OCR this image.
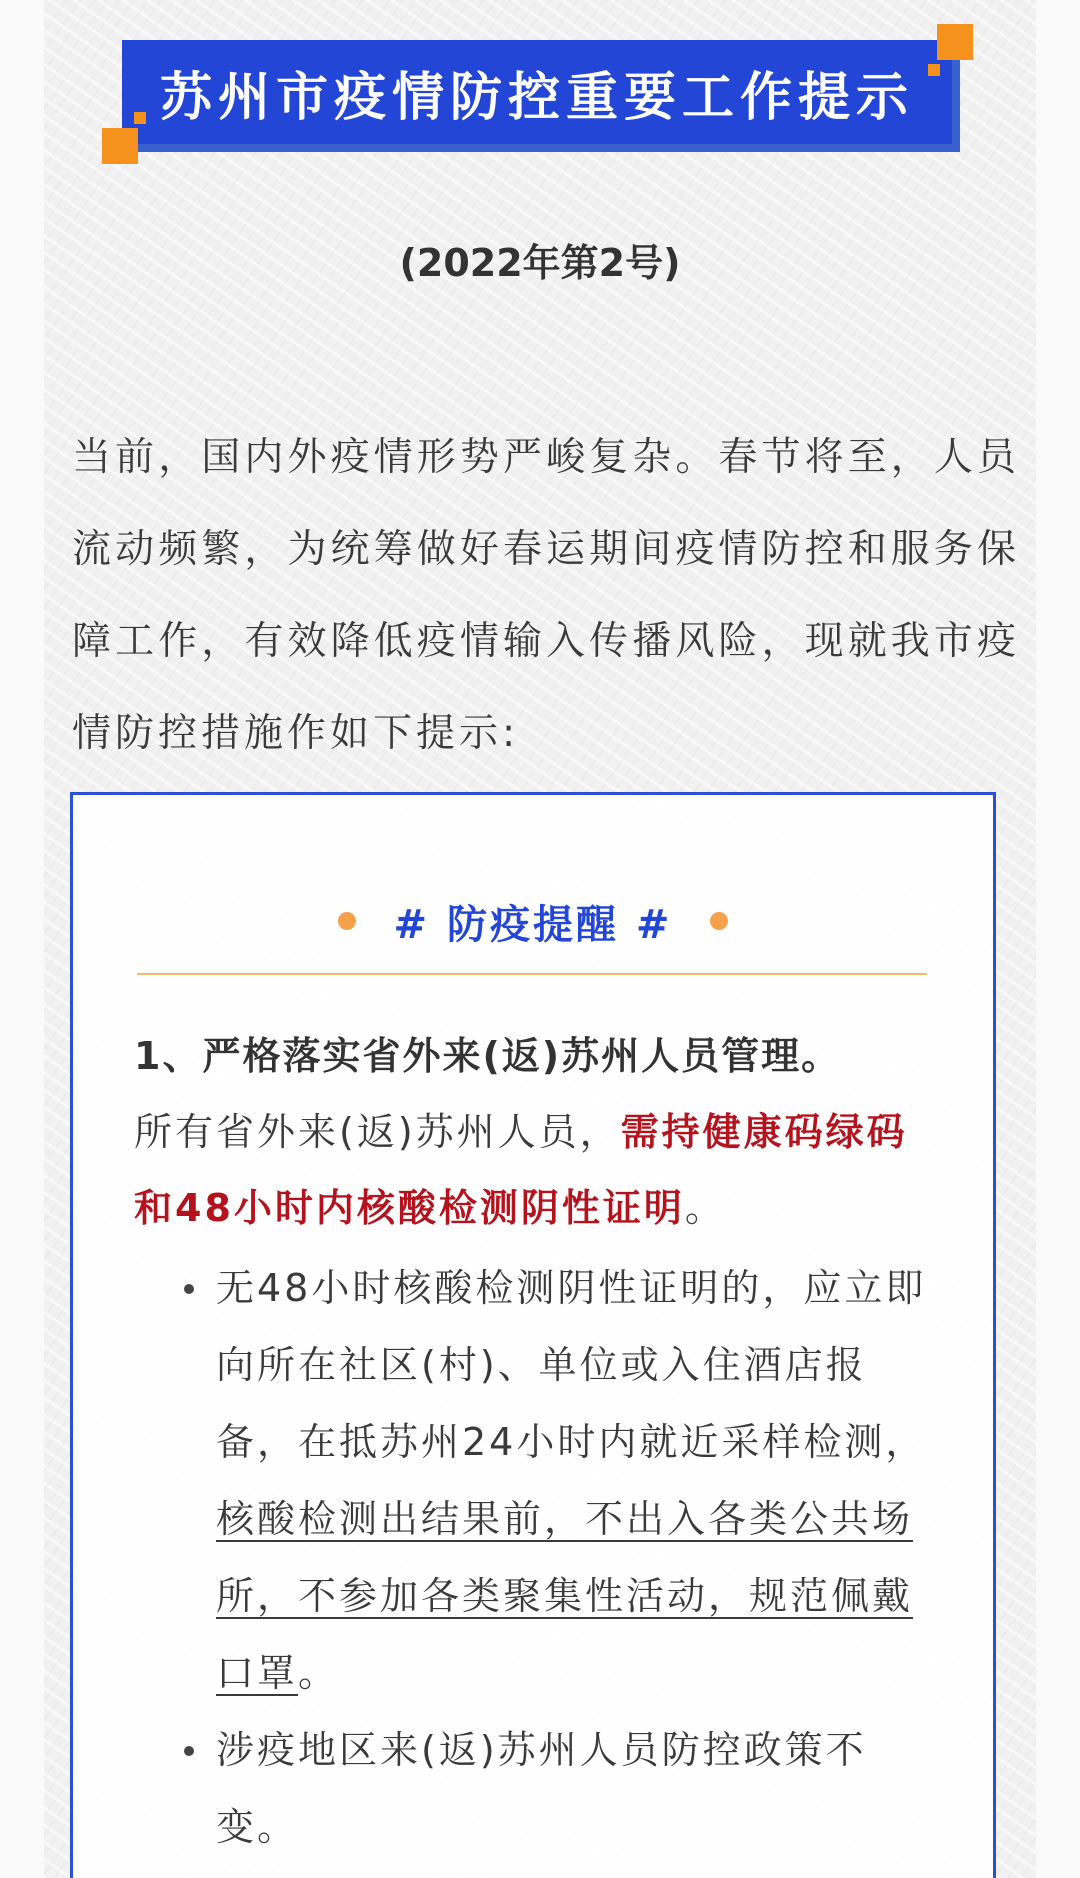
苏州市疫情防控重要工作提示
(2022年第2号)
当前，国内外疫情形势严峻复杂。春节将至，人员流动频繁，为统筹做好春运期间疫情防控和服务保障工作，有效降低疫情输入传播风险，现就我市疫情防控措施作如下提示:
# 防疫提醒 #
1、严格落实省外来(返)苏州人员管理。
所有省外来(返)苏州人员，需持健康码绿码和48小时内核酸检测阴性证明。
无48小时核酸检测阴性证明的，应立即向所在社区(村)、单位或入住酒店报备，在抵苏州24小时内就近采样检测，核酸检测出结果前，不出入各类公共场所，不参加各类聚集性活动，规范佩戴口罩。
涉疫地区来(返)苏州人员防控政策不变。
